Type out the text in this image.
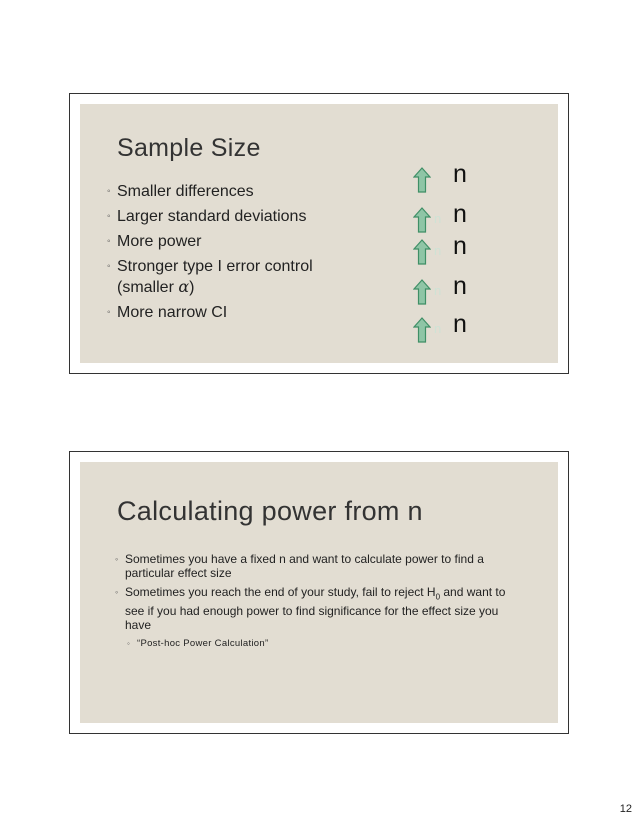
Sample Size
◦ Smaller differences
◦ Larger standard deviations
◦ More power
◦ Stronger type I error control
(smaller α)
◦ More narrow CI
n
n n
n n
n n
n n
Calculating power from n
◦ Sometimes you have a fixed n and want to calculate power to find a particular effect size
◦ Sometimes you reach the end of your study, fail to reject $H_0$ and want to see if you had enough power to find significance for the effect size you have
◦ “Post-hoc Power Calculation”
12
